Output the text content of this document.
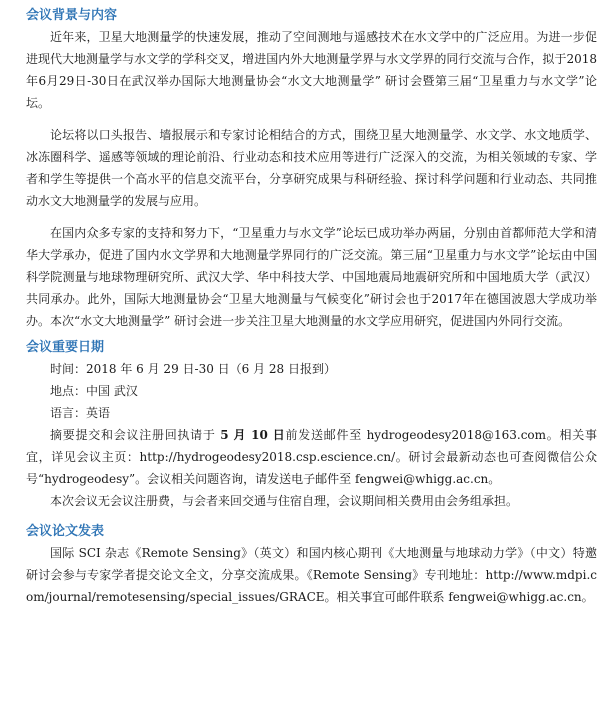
会议背景与内容

近年来，卫星大地测量学的快速发展，推动了空间测地与遥感技术在水文学中的广泛应用。为进一步促进现代大地测量学与水文学的学科交叉，增进国内外大地测量学界与水文学界的同行交流与合作，拟于2018年6月29日-30日在武汉举办国际大地测量协会“水文大地测量学” 研讨会暨第三届“卫星重力与水文学”论坛。

论坛将以口头报告、墙报展示和专家讨论相结合的方式，围绕卫星大地测量学、水文学、水文地质学、冰冻圈科学、遥感等领域的理论前沿、行业动态和技术应用等进行广泛深入的交流，为相关领域的专家、学者和学生等提供一个高水平的信息交流平台，分享研究成果与科研经验、探讨科学问题和行业动态、共同推动水文大地测量学的发展与应用。

在国内众多专家的支持和努力下，“卫星重力与水文学”论坛已成功举办两届，分别由首都师范大学和清华大学承办，促进了国内水文学界和大地测量学界同行的广泛交流。第三届“卫星重力与水文学”论坛由中国科学院测量与地球物理研究所、武汉大学、华中科技大学、中国地震局地震研究所和中国地质大学（武汉）共同承办。此外，国际大地测量协会“卫星大地测量与气候变化”研讨会也于2017年在德国波恩大学成功举办。本次“水文大地测量学” 研讨会进一步关注卫星大地测量的水文学应用研究，促进国内外同行交流。

会议重要日期

时间：2018 年 6 月 29 日-30 日（6 月 28 日报到）

地点：中国 武汉

语言：英语

摘要提交和会议注册回执请于 5 月 10 日前发送邮件至 hydrogeodesy2018@163.com。相关事宜，详见会议主页：http://hydrogeodesy2018.csp.escience.cn/。研讨会最新动态也可查阅微信公众号“hydrogeodesy”。会议相关问题咨询，请发送电子邮件至 fengwei@whigg.ac.cn。

本次会议无会议注册费，与会者来回交通与住宿自理，会议期间相关费用由会务组承担。

会议论文发表

国际 SCI 杂志《Remote Sensing》（英文）和国内核心期刊《大地测量与地球动力学》（中文）特邀研讨会参与专家学者提交论文全文，分享交流成果。《Remote Sensing》专刊地址：http://www.mdpi.com/journal/remotesensing/special_issues/GRACE。相关事宜可邮件联系 fengwei@whigg.ac.cn。
